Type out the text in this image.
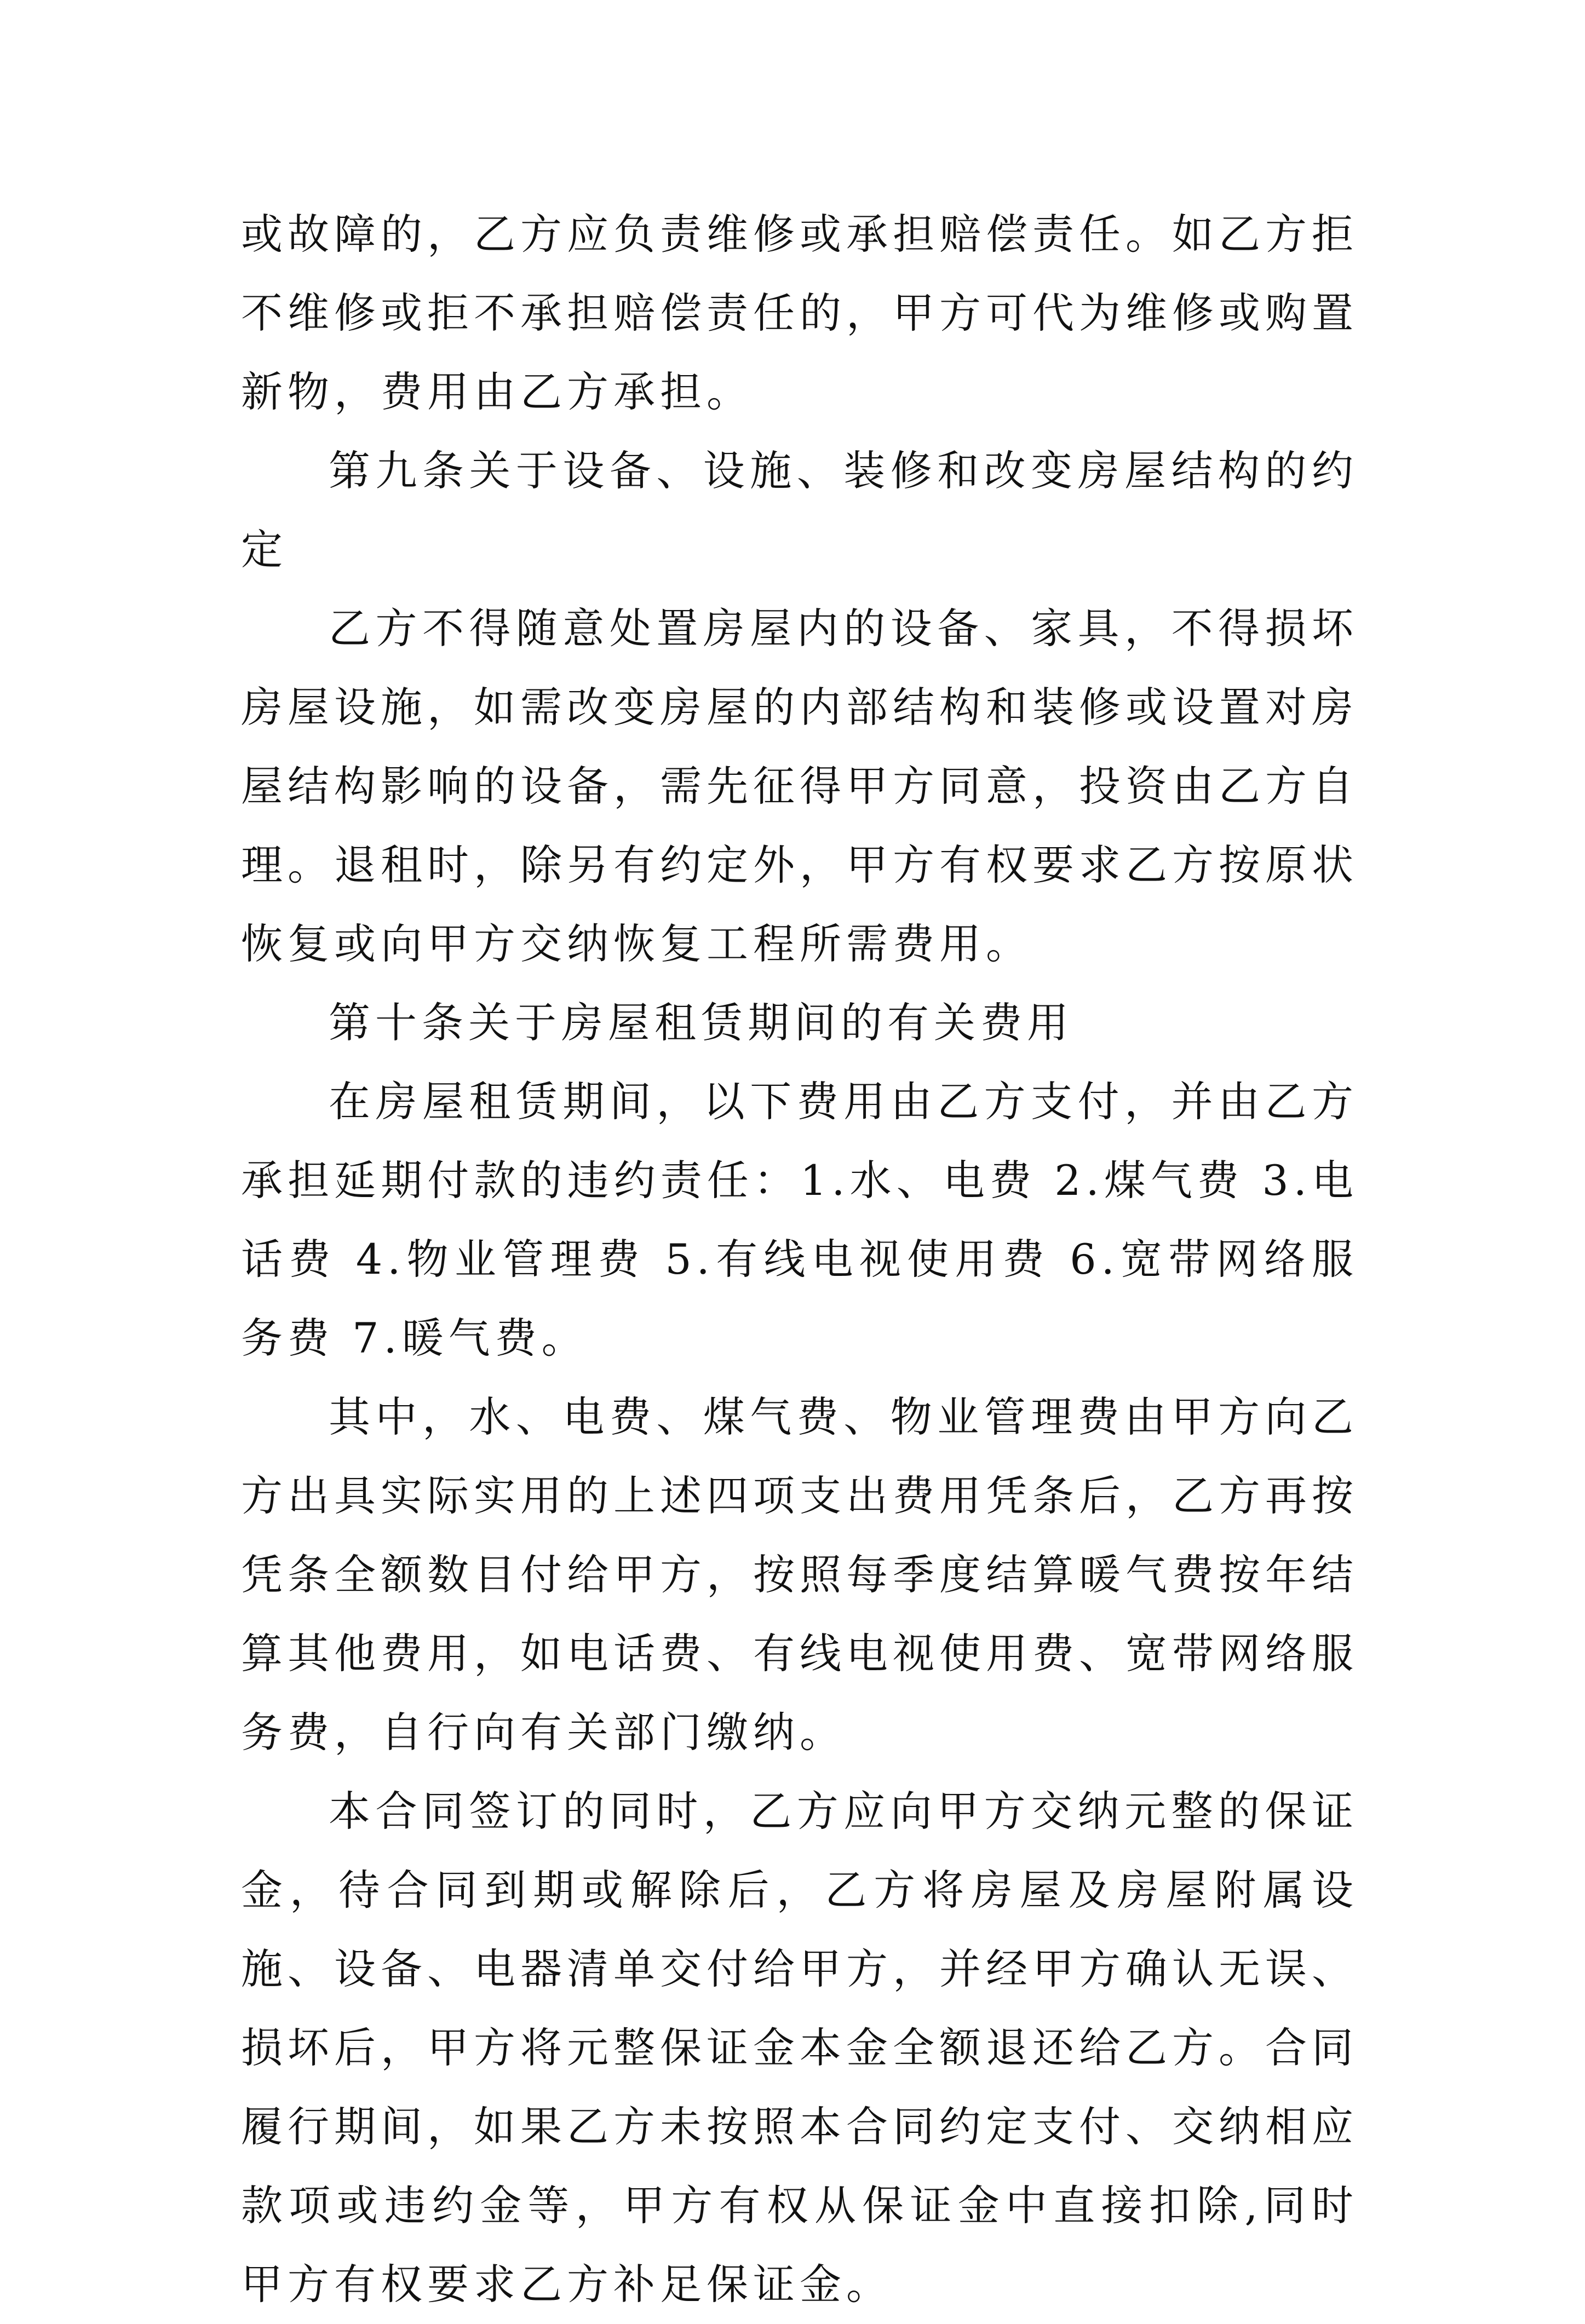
或故障的，乙方应负责维修或承担赔偿责任。如乙方拒不维修或拒不承担赔偿责任的，甲方可代为维修或购置新物，费用由乙方承担。

第九条关于设备、设施、装修和改变房屋结构的约定

乙方不得随意处置房屋内的设备、家具，不得损坏房屋设施，如需改变房屋的内部结构和装修或设置对房屋结构影响的设备，需先征得甲方同意，投资由乙方自理。退租时，除另有约定外，甲方有权要求乙方按原状恢复或向甲方交纳恢复工程所需费用。

第十条关于房屋租赁期间的有关费用

在房屋租赁期间，以下费用由乙方支付，并由乙方承担延期付款的违约责任：1.水、电费 2.煤气费 3.电话费 4.物业管理费 5.有线电视使用费 6.宽带网络服务费 7.暖气费。

其中，水、电费、煤气费、物业管理费由甲方向乙方出具实际实用的上述四项支出费用凭条后，乙方再按凭条全额数目付给甲方，按照每季度结算暖气费按年结算其他费用，如电话费、有线电视使用费、宽带网络服务费，自行向有关部门缴纳。

本合同签订的同时，乙方应向甲方交纳元整的保证金，待合同到期或解除后，乙方将房屋及房屋附属设施、设备、电器清单交付给甲方，并经甲方确认无误、损坏后，甲方将元整保证金本金全额退还给乙方。合同履行期间，如果乙方未按照本合同约定支付、交纳相应款项或违约金等，甲方有权从保证金中直接扣除,同时甲方有权要求乙方补足保证金。
